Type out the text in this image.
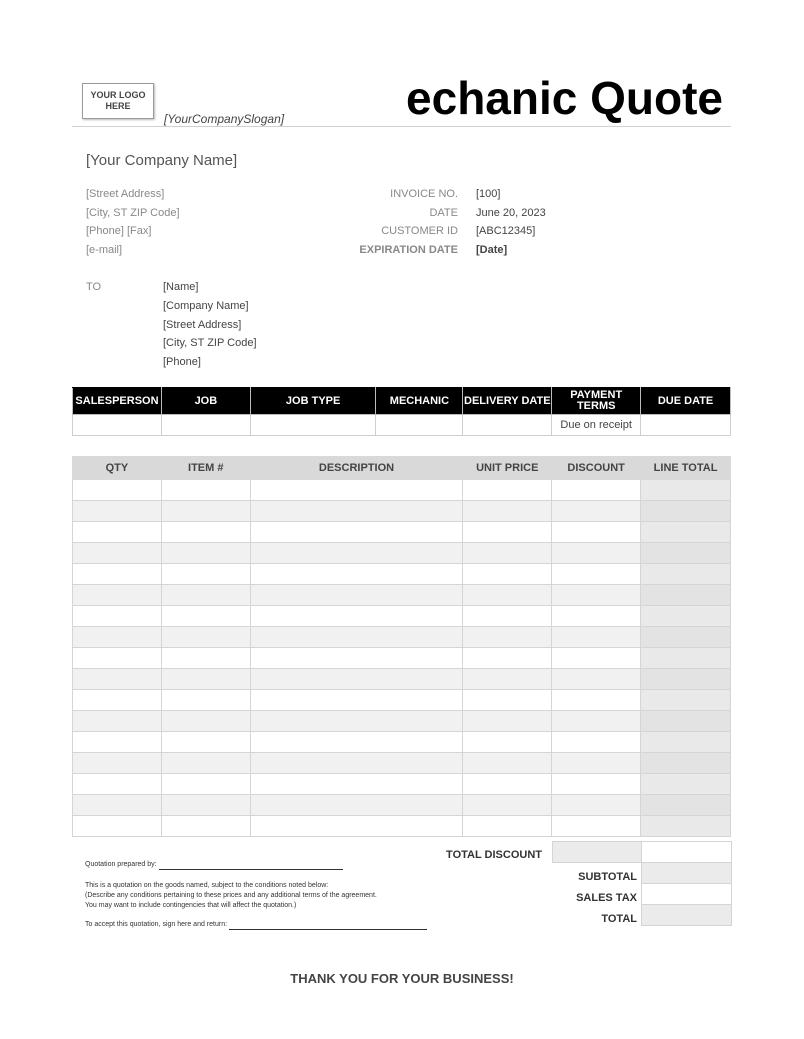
YOUR LOGO
HERE
[YourCompanySlogan]	echanic Quote
[Your Company Name]
[Street Address]
[City, ST ZIP Code]
[Phone] [Fax]
[e-mail]
INVOICE NO. [100]
DATE June 20, 2023
CUSTOMER ID [ABC12345]
EXPIRATION DATE [Date]
TO	[Name]
[Company Name]
[Street Address]
[City, ST ZIP Code]
[Phone]
SALESPERSON	JOB	JOB TYPE	MECHANIC	DELIVERY DATE	PAYMENT TERMS	DUE DATE
					Due on receipt	
QTY	ITEM #	DESCRIPTION	UNIT PRICE	DISCOUNT	LINE TOTAL

TOTAL DISCOUNT
SUBTOTAL
SALES TAX
TOTAL
Quotation prepared by:
This is a quotation on the goods named, subject to the conditions noted below:
(Describe any conditions pertaining to these prices and any additional terms of the agreement.
You may want to include contingencies that will affect the quotation.)
To accept this quotation, sign here and return:
THANK YOU FOR YOUR BUSINESS!
